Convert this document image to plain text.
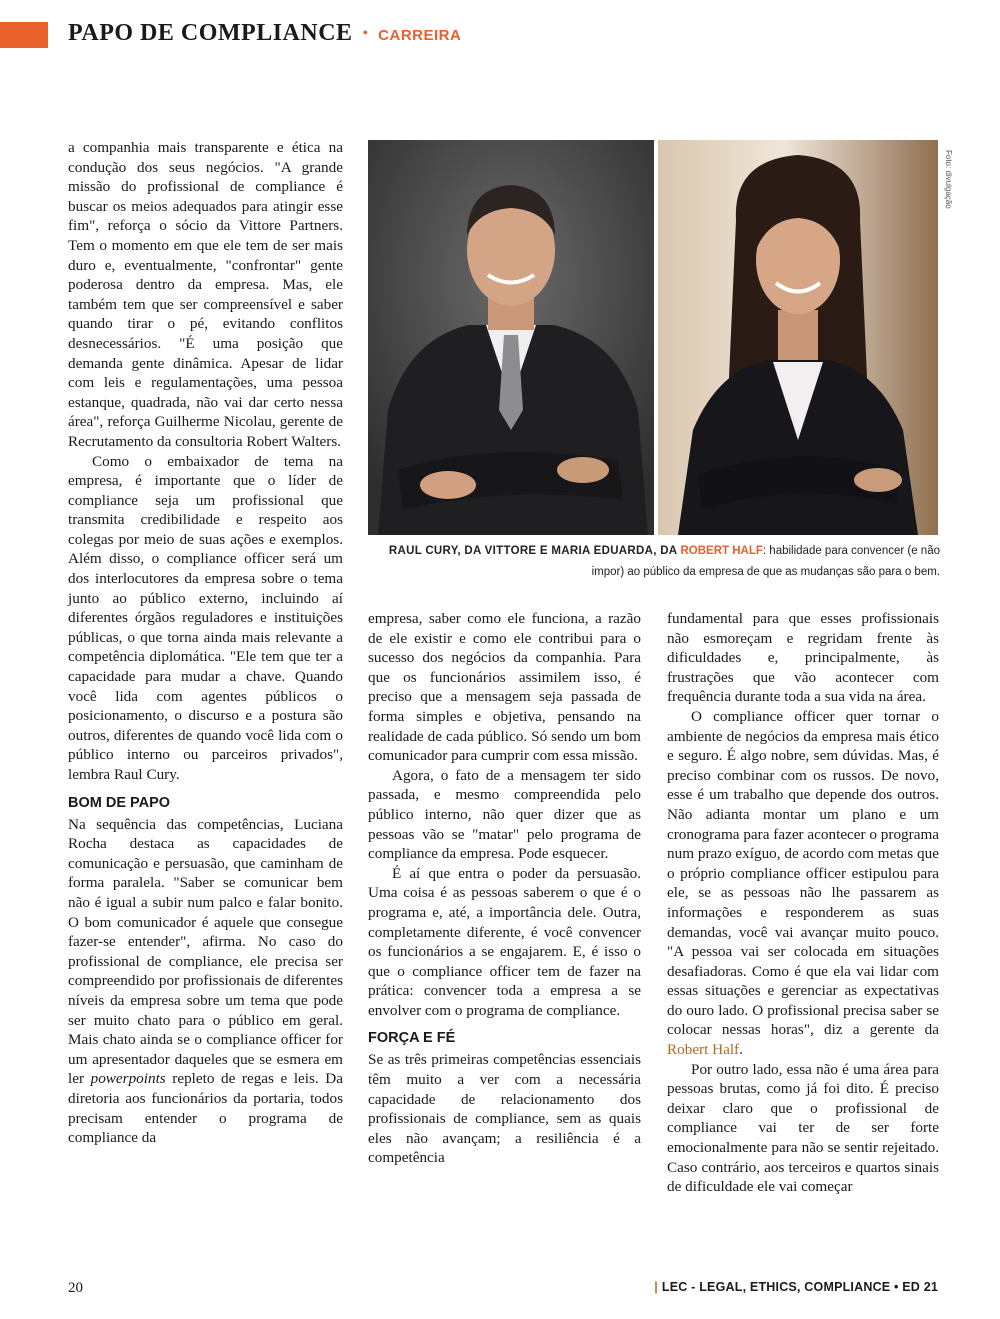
PAPO DE COMPLIANCE • CARREIRA
Foto: divulgação
RAUL CURY, DA VITTORE E MARIA EDUARDA, DA ROBERT HALF: habilidade para convencer (e não impor) ao público da empresa de que as mudanças são para o bem.

a companhia mais transparente e ética na condução dos seus negócios. "A grande missão do profissional de compliance é buscar os meios adequados para atingir esse fim", reforça o sócio da Vittore Partners. Tem o momento em que ele tem de ser mais duro e, eventualmente, "confrontar" gente poderosa dentro da empresa. Mas, ele também tem que ser compreensível e saber quando tirar o pé, evitando conflitos desnecessários. "É uma posição que demanda gente dinâmica. Apesar de lidar com leis e regulamentações, uma pessoa estanque, quadrada, não vai dar certo nessa área", reforça Guilherme Nicolau, gerente de Recrutamento da consultoria Robert Walters.

Como o embaixador de tema na empresa, é importante que o líder de compliance seja um profissional que transmita credibilidade e respeito aos colegas por meio de suas ações e exemplos. Além disso, o compliance officer será um dos interlocutores da empresa sobre o tema junto ao público externo, incluindo aí diferentes órgãos reguladores e instituições públicas, o que torna ainda mais relevante a competência diplomática. "Ele tem que ter a capacidade para mudar a chave. Quando você lida com agentes públicos o posicionamento, o discurso e a postura são outros, diferentes de quando você lida com o público interno ou parceiros privados", lembra Raul Cury.

BOM DE PAPO

Na sequência das competências, Luciana Rocha destaca as capacidades de comunicação e persuasão, que caminham de forma paralela. "Saber se comunicar bem não é igual a subir num palco e falar bonito. O bom comunicador é aquele que consegue fazer-se entender", afirma. No caso do profissional de compliance, ele precisa ser compreendido por profissionais de diferentes níveis da empresa sobre um tema que pode ser muito chato para o público em geral. Mais chato ainda se o compliance officer for um apresentador daqueles que se esmera em ler powerpoints repleto de regas e leis. Da diretoria aos funcionários da portaria, todos precisam entender o programa de compliance da

empresa, saber como ele funciona, a razão de ele existir e como ele contribui para o sucesso dos negócios da companhia. Para que os funcionários assimilem isso, é preciso que a mensagem seja passada de forma simples e objetiva, pensando na realidade de cada público. Só sendo um bom comunicador para cumprir com essa missão.

Agora, o fato de a mensagem ter sido passada, e mesmo compreendida pelo público interno, não quer dizer que as pessoas vão se "matar" pelo programa de compliance da empresa. Pode esquecer.

É aí que entra o poder da persuasão. Uma coisa é as pessoas saberem o que é o programa e, até, a importância dele. Outra, completamente diferente, é você convencer os funcionários a se engajarem. E, é isso o que o compliance officer tem de fazer na prática: convencer toda a empresa a se envolver com o programa de compliance.

FORÇA E FÉ

Se as três primeiras competências essenciais têm muito a ver com a necessária capacidade de relacionamento dos profissionais de compliance, sem as quais eles não avançam; a resiliência é a competência

fundamental para que esses profissionais não esmoreçam e regridam frente às dificuldades e, principalmente, às frustrações que vão acontecer com frequência durante toda a sua vida na área.

O compliance officer quer tornar o ambiente de negócios da empresa mais ético e seguro. É algo nobre, sem dúvidas. Mas, é preciso combinar com os russos. De novo, esse é um trabalho que depende dos outros. Não adianta montar um plano e um cronograma para fazer acontecer o programa num prazo exíguo, de acordo com metas que o próprio compliance officer estipulou para ele, se as pessoas não lhe passarem as informações e responderem as suas demandas, você vai avançar muito pouco. "A pessoa vai ser colocada em situações desafiadoras. Como é que ela vai lidar com essas situações e gerenciar as expectativas do ouro lado. O profissional precisa saber se colocar nessas horas", diz a gerente da Robert Half.

Por outro lado, essa não é uma área para pessoas brutas, como já foi dito. É preciso deixar claro que o profissional de compliance vai ter de ser forte emocionalmente para não se sentir rejeitado. Caso contrário, aos terceiros e quartos sinais de dificuldade ele vai começar

20	| LEC - LEGAL, ETHICS, COMPLIANCE • ED 21
